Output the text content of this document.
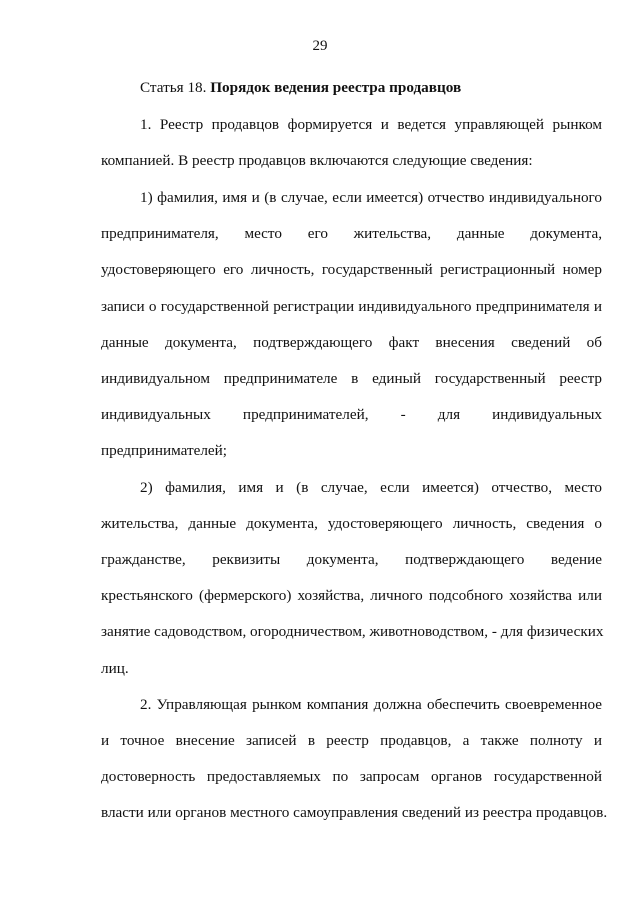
29
Статья 18. Порядок ведения реестра продавцов
1. Реестр продавцов формируется и ведется управляющей рынком
компанией. В реестр продавцов включаются следующие сведения:
1) фамилия, имя и (в случае, если имеется) отчество индивидуального
предпринимателя, место его жительства, данные документа,
удостоверяющего его личность, государственный регистрационный номер
записи о государственной регистрации индивидуального предпринимателя и
данные документа, подтверждающего факт внесения сведений об
индивидуальном предпринимателе в единый государственный реестр
индивидуальных предпринимателей, - для индивидуальных
предпринимателей;
2) фамилия, имя и (в случае, если имеется) отчество, место
жительства, данные документа, удостоверяющего личность, сведения о
гражданстве, реквизиты документа, подтверждающего ведение
крестьянского (фермерского) хозяйства, личного подсобного хозяйства или
занятие садоводством, огородничеством, животноводством, - для физических
лиц.
2. Управляющая рынком компания должна обеспечить своевременное
и точное внесение записей в реестр продавцов, а также полноту и
достоверность предоставляемых по запросам органов государственной
власти или органов местного самоуправления сведений из реестра продавцов.
